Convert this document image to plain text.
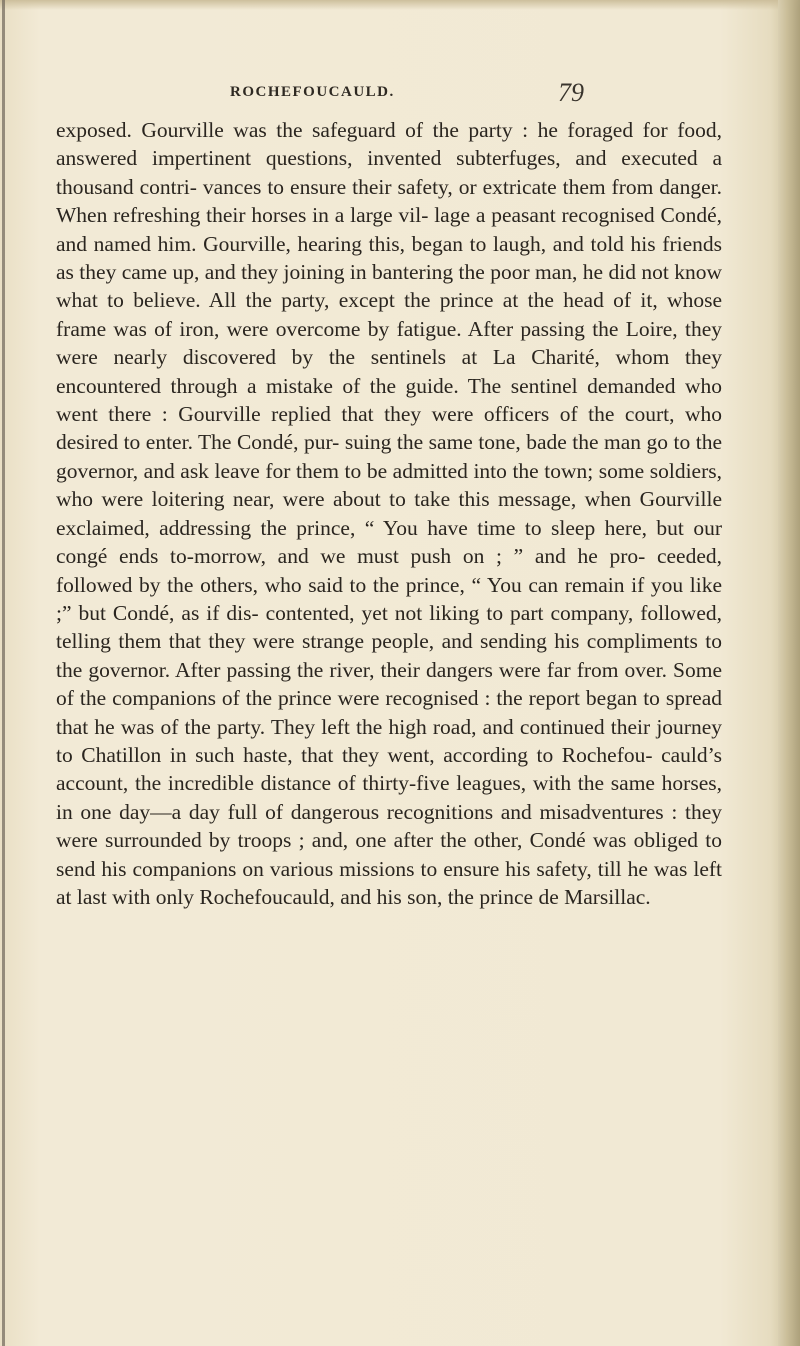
ROCHEFOUCAULD.	79

exposed. Gourville was the safeguard of the party : he foraged for food, answered impertinent questions, invented subterfuges, and executed a thousand contri- vances to ensure their safety, or extricate them from danger. When refreshing their horses in a large vil- lage a peasant recognised Condé, and named him. Gourville, hearing this, began to laugh, and told his friends as they came up, and they joining in bantering the poor man, he did not know what to believe. All the party, except the prince at the head of it, whose frame was of iron, were overcome by fatigue. After passing the Loire, they were nearly discovered by the sentinels at La Charité, whom they encountered through a mistake of the guide. The sentinel demanded who went there : Gourville replied that they were officers of the court, who desired to enter. The Condé, pur- suing the same tone, bade the man go to the governor, and ask leave for them to be admitted into the town; some soldiers, who were loitering near, were about to take this message, when Gourville exclaimed, addressing the prince, “ You have time to sleep here, but our congé ends to-morrow, and we must push on ; ” and he pro- ceeded, followed by the others, who said to the prince, “ You can remain if you like ;” but Condé, as if dis- contented, yet not liking to part company, followed, telling them that they were strange people, and sending his compliments to the governor. After passing the river, their dangers were far from over. Some of the companions of the prince were recognised : the report began to spread that he was of the party. They left the high road, and continued their journey to Chatillon in such haste, that they went, according to Rochefou- cauld’s account, the incredible distance of thirty-five leagues, with the same horses, in one day—a day full of dangerous recognitions and misadventures : they were surrounded by troops ; and, one after the other, Condé was obliged to send his companions on various missions to ensure his safety, till he was left at last with only Rochefoucauld, and his son, the prince de Marsillac.
